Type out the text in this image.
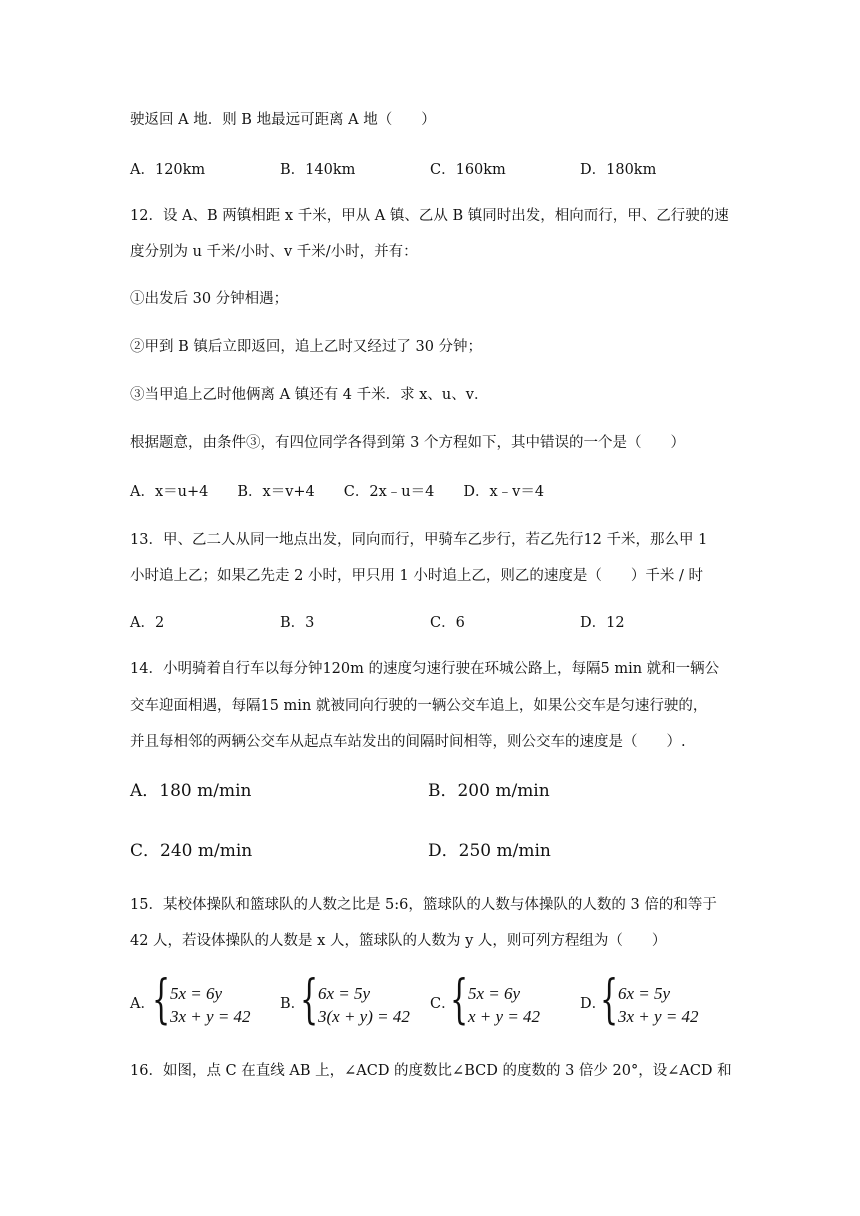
驶返回 A 地．则 B 地最远可距离 A 地（　　）
A．120km	B．140km	C．160km	D．180km
12．设 A、B 两镇相距 x 千米，甲从 A 镇、乙从 B 镇同时出发，相向而行，甲、乙行驶的速
度分别为 u 千米/小时、v 千米/小时，并有：
①出发后 30 分钟相遇；
②甲到 B 镇后立即返回，追上乙时又经过了 30 分钟；
③当甲追上乙时他俩离 A 镇还有 4 千米．求 x、u、v．
根据题意，由条件③，有四位同学各得到第 3 个方程如下，其中错误的一个是（　　）
A．x＝u+4　　B．x＝v+4　　C．2x﹣u＝4　　D．x﹣v＝4
13．甲、乙二人从同一地点出发，同向而行，甲骑车乙步行，若乙先行12 千米，那么甲 1
小时追上乙；如果乙先走 2 小时，甲只用 1 小时追上乙，则乙的速度是（　　）千米 / 时
A．2	B．3	C．6	D．12
14．小明骑着自行车以每分钟120m 的速度匀速行驶在环城公路上，每隔5 min 就和一辆公
交车迎面相遇，每隔15 min 就被同向行驶的一辆公交车追上，如果公交车是匀速行驶的，
并且每相邻的两辆公交车从起点车站发出的间隔时间相等，则公交车的速度是（　　）.
A．180 m/min	B．200 m/min
C．240 m/min	D．250 m/min
15．某校体操队和篮球队的人数之比是 5:6，篮球队的人数与体操队的人数的 3 倍的和等于
42 人，若设体操队的人数是 x 人，篮球队的人数为 y 人，则可列方程组为（　　）
A．
{ 5x = 6y
3x + y = 42
B．
{ 6x = 5y
3(x + y) = 42
C．
{ 5x = 6y
x + y = 42
D．
{ 6x = 5y
3x + y = 42
16．如图，点 C 在直线 AB 上，∠ACD 的度数比∠BCD 的度数的 3 倍少 20°，设∠ACD 和
